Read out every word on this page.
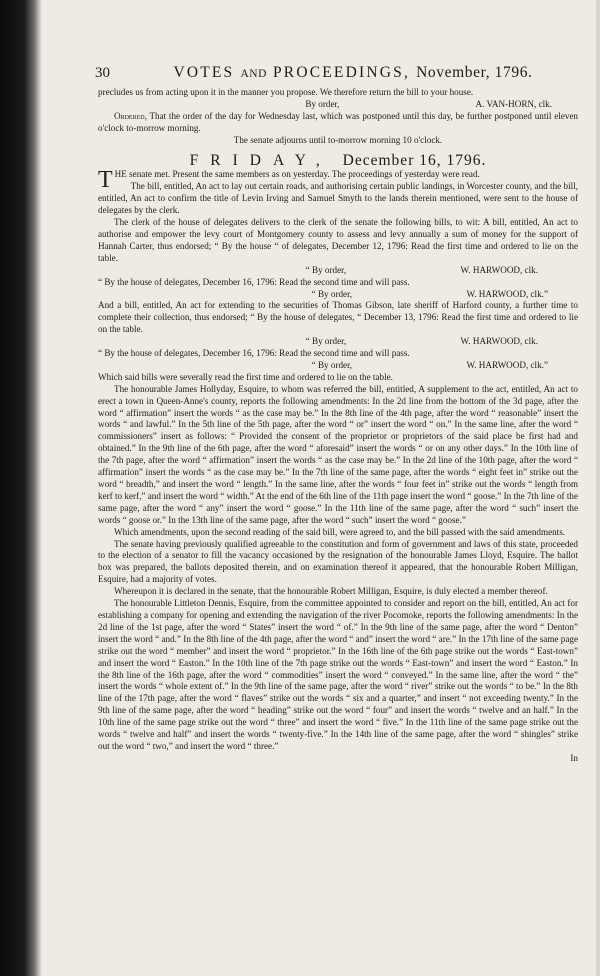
30	VOTES AND PROCEEDINGS, November, 1796.

precludes us from acting upon it in the manner you propose. We therefore return the bill to your house.

By order,	A. VAN-HORN, clk.

Ordered, That the order of the day for Wednesday last, which was postponed until this day, be further postponed until eleven o'clock to-morrow morning.

The senate adjourns until to-morrow morning 10 o'clock.

FRIDAY, December 16, 1796.

THE senate met. Present the same members as on yesterday. The proceedings of yesterday were read.

The bill, entitled, An act to lay out certain roads, and authorising certain public landings, in Worcester county, and the bill, entitled, An act to confirm the title of Levin Irving and Samuel Smyth to the lands therein mentioned, were sent to the house of delegates by the clerk.

The clerk of the house of delegates delivers to the clerk of the senate the following bills, to wit: A bill, entitled, An act to authorise and empower the levy court of Montgomery county to assess and levy annually a sum of money for the support of Hannah Carter, thus endorsed; “ By the house “ of delegates, December 12, 1796: Read the first time and ordered to lie on the table.

“ By order,	W. HARWOOD, clk.

“ By the house of delegates, December 16, 1796: Read the second time and will pass.

“ By order,	W. HARWOOD, clk.”

And a bill, entitled, An act for extending to the securities of Thomas Gibson, late sheriff of Harford county, a further time to complete their collection, thus endorsed; “ By the house of delegates, “ December 13, 1796: Read the first time and ordered to lie on the table.

“ By order,	W. HARWOOD, clk.

“ By the house of delegates, December 16, 1796: Read the second time and will pass.

“ By order,	W. HARWOOD, clk.”

Which said bills were severally read the first time and ordered to lie on the table.

The honourable James Hollyday, Esquire, to whom was referred the bill, entitled, A supplement to the act, entitled, An act to erect a town in Queen-Anne's county, reports the following amendments: In the 2d line from the bottom of the 3d page, after the word “ affirmation” insert the words “ as the case may be.” In the 8th line of the 4th page, after the word “ reasonable” insert the words “ and lawful.” In the 5th line of the 5th page, after the word “ or” insert the word “ on.” In the same line, after the word “ commissioners” insert as follows: “ Provided the consent of the proprietor or proprietors of the said place be first had and obtained.” In the 9th line of the 6th page, after the word “ aforesaid” insert the words “ or on any other days.” In the 10th line of the 7th page, after the word “ affirmation” insert the words “ as the case may be.” In the 2d line of the 10th page, after the word “ affirmation” insert the words “ as the case may be.” In the 7th line of the same page, after the words “ eight feet in” strike out the word “ breadth,” and insert the word “ length.” In the same line, after the words “ four feet in” strike out the words “ length from kerf to kerf,” and insert the word “ width.” At the end of the 6th line of the 11th page insert the word “ goose.” In the 7th line of the same page, after the word “ any” insert the word “ goose.” In the 11th line of the same page, after the word “ such” insert the words “ goose or.” In the 13th line of the same page, after the word “ such” insert the word “ goose.”

Which amendments, upon the second reading of the said bill, were agreed to, and the bill passed with the said amendments.

The senate having previously qualified agreeable to the constitution and form of government and laws of this state, proceeded to the election of a senator to fill the vacancy occasioned by the resignation of the honourable James Lloyd, Esquire. The ballot box was prepared, the ballots deposited therein, and on examination thereof it appeared, that the honourable Robert Milligan, Esquire, had a majority of votes.

Whereupon it is declared in the senate, that the honourable Robert Milligan, Esquire, is duly elected a member thereof.

The honourable Littleton Dennis, Esquire, from the committee appointed to consider and report on the bill, entitled, An act for establishing a company for opening and extending the navigation of the river Pocomoke, reports the following amendments: In the 2d line of the 1st page, after the word “ States” insert the word “ of.” In the 9th line of the same page, after the word “ Denton” insert the word “ and.” In the 8th line of the 4th page, after the word “ and” insert the word “ are.” In the 17th line of the same page strike out the word “ member” and insert the word “ proprietor.” In the 16th line of the 6th page strike out the words “ East-town” and insert the word “ Easton.” In the 10th line of the 7th page strike out the words “ East-town” and insert the word “ Easton.” In the 8th line of the 16th page, after the word “ commodities” insert the word “ conveyed.” In the same line, after the word “ the” insert the words “ whole extent of.” In the 9th line of the same page, after the word “ river” strike out the words “ to be.” In the 8th line of the 17th page, after the word “ flaves” strike out the words “ six and a quarter,” and insert “ not exceeding twenty.” In the 9th line of the same page, after the word “ heading” strike out the word “ four” and insert the words “ twelve and an half.” In the 10th line of the same page strike out the word “ three” and insert the word “ five.” In the 11th line of the same page strike out the words “ twelve and half” and insert the words “ twenty-five.” In the 14th line of the same page, after the word “ shingles” strike out the word “ two,” and insert the word “ three.”

In
